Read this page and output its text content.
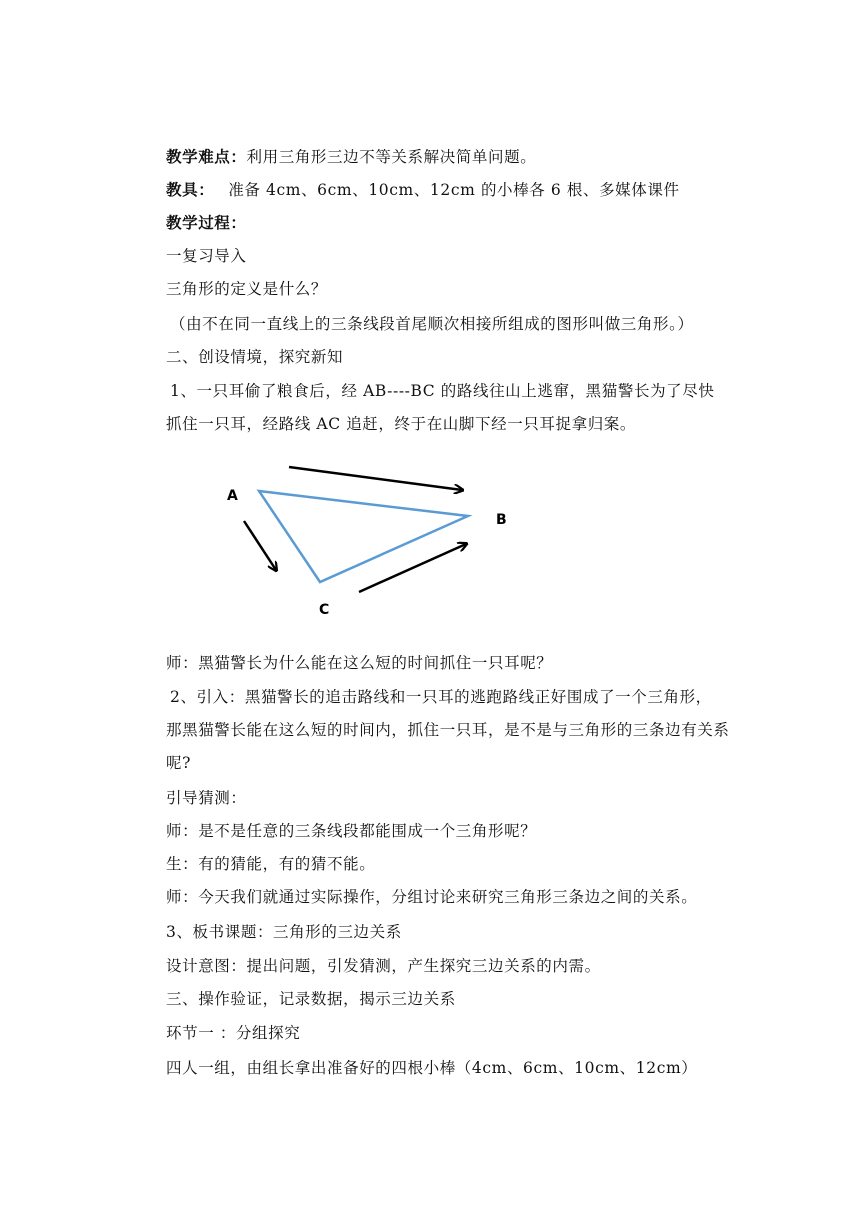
教学难点：利用三角形三边不等关系解决简单问题。
教具： 准备 4cm、6cm、10cm、12cm 的小棒各 6 根、多媒体课件
教学过程：
一复习导入
三角形的定义是什么？
（由不在同一直线上的三条线段首尾顺次相接所组成的图形叫做三角形。）
二、创设情境，探究新知
1、一只耳偷了粮食后，经 AB----BC 的路线往山上逃窜，黑猫警长为了尽快
抓住一只耳，经路线 AC 追赶，终于在山脚下经一只耳捉拿归案。
A
B
C
师：黑猫警长为什么能在这么短的时间抓住一只耳呢？
2、引入：黑猫警长的追击路线和一只耳的逃跑路线正好围成了一个三角形，
那黑猫警长能在这么短的时间内，抓住一只耳，是不是与三角形的三条边有关系
呢?
引导猜测：
师：是不是任意的三条线段都能围成一个三角形呢？
生：有的猜能，有的猜不能。
师：今天我们就通过实际操作，分组讨论来研究三角形三条边之间的关系。
3、板书课题：三角形的三边关系
设计意图：提出问题，引发猜测，产生探究三边关系的内需。
三、操作验证，记录数据，揭示三边关系
环节一 ：分组探究
四人一组，由组长拿出准备好的四根小棒（4cm、6cm、10cm、12cm）
